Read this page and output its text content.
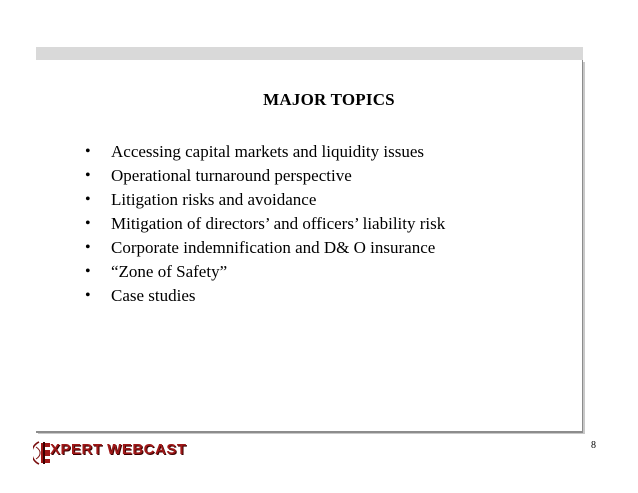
MAJOR TOPICS
• Accessing capital markets and liquidity issues
• Operational turnaround perspective
• Litigation risks and avoidance
• Mitigation of directors’ and officers’ liability risk
• Corporate indemnification and D& O insurance
• “Zone of Safety”
• Case studies
8
XPERT WEBCAST
